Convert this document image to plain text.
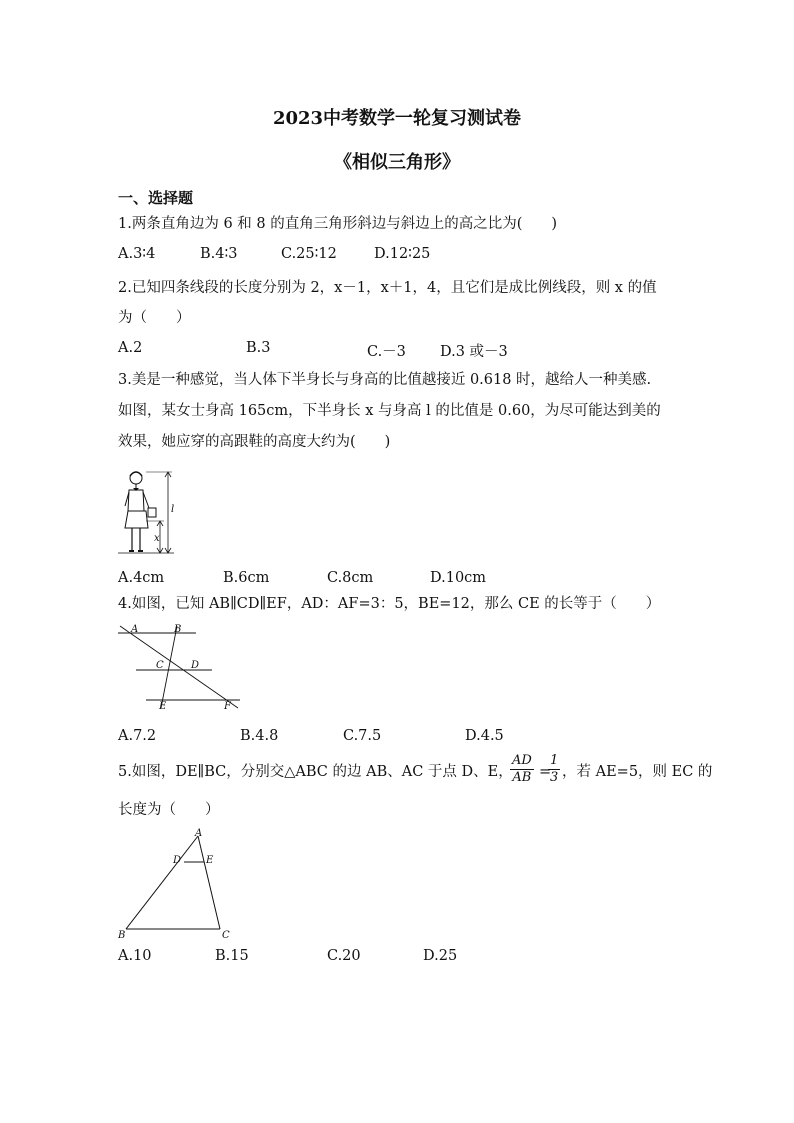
2023中考数学一轮复习测试卷
《相似三角形》
一、选择题
1.两条直角边为 6 和 8 的直角三角形斜边与斜边上的高之比为(　　)
A.3∶4	B.4∶3	C.25∶12	D.12∶25
2.已知四条线段的长度分别为 2，x－1，x＋1，4，且它们是成比例线段，则 x 的值
为（　　）
A.2	B.3	C.－3 D.3 或－3
3.美是一种感觉，当人体下半身长与身高的比值越接近 0.618 时，越给人一种美感.
如图，某女士身高 165cm，下半身长 x 与身高 l 的比值是 0.60，为尽可能达到美的
效果，她应穿的高跟鞋的高度大约为(　　)
l
x
A.4cm	B.6cm	C.8cm	D.10cm
4.如图，已知 AB∥CD∥EF，AD：AF=3：5，BE=12，那么 CE 的长等于（　　）
A	B
C	D
E	F
A.7.2	B.4.8	C.7.5	D.4.5
5.如图，DE∥BC，分别交△ABC 的边 AB、AC 于点 D、E，
$\frac{AD}{AB}$ =
$\frac{1}{3}$ ，若 AE=5，则 EC 的
长度为（　　）
A
B	C
D E
A.10	B.15	C.20	D.25
